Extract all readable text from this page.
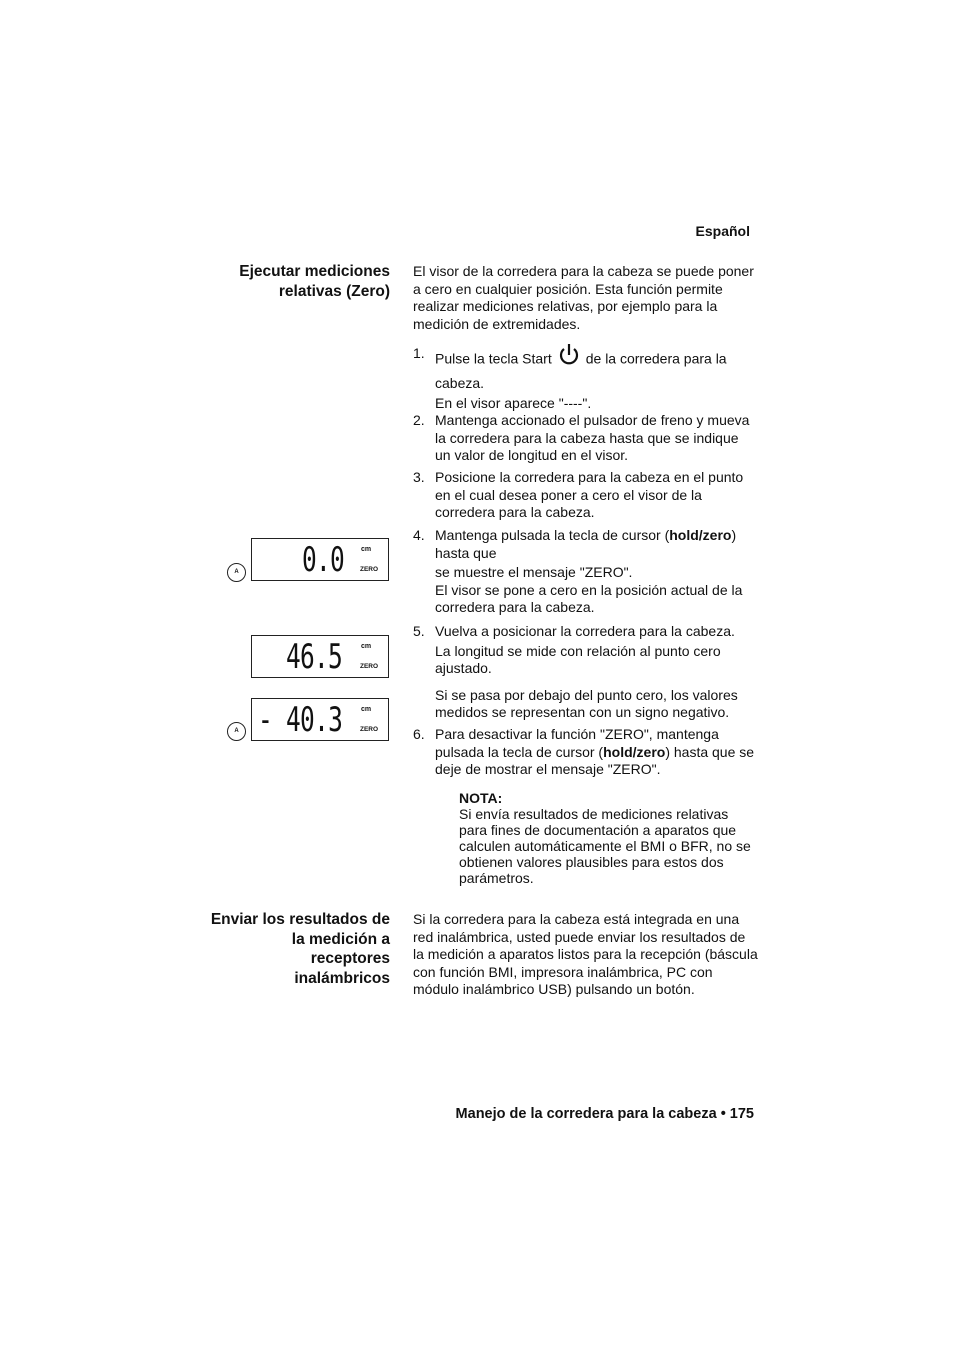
Español
Ejecutar mediciones
relativas (Zero)
El visor de la corredera para la cabeza se puede poner a cero en cualquier posición. Esta función permite realizar mediciones relativas, por ejemplo para la medición de extremidades.
1. Pulse la tecla Start de la corredera para la
cabeza.
En el visor aparece "----".
2. Mantenga accionado el pulsador de freno y mueva la corredera para la cabeza hasta que se indique un valor de longitud en el visor.
3. Posicione la corredera para la cabeza en el punto en el cual desea poner a cero el visor de la corredera para la cabeza.
4. Mantenga pulsada la tecla de cursor (hold/zero)
hasta que
se muestre el mensaje "ZERO".
El visor se pone a cero en la posición actual de la corredera para la cabeza.
5. Vuelva a posicionar la corredera para la cabeza.
La longitud se mide con relación al punto cero ajustado.
Si se pasa por debajo del punto cero, los valores medidos se representan con un signo negativo.
6. Para desactivar la función "ZERO", mantenga pulsada la tecla de cursor (hold/zero) hasta que se deje de mostrar el mensaje "ZERO".
NOTA:
Si envía resultados de mediciones relativas para fines de documentación a aparatos que calculen automáticamente el BMI o BFR, no se obtienen valores plausibles para estos dos parámetros.
A 0.0 cm
ZERO
46.5	cm
ZERO
A - 40.3	cm
ZERO
Enviar los resultados de
la medición a
receptores
inalámbricos
Si la corredera para la cabeza está integrada en una red inalámbrica, usted puede enviar los resultados de la medición a aparatos listos para la recepción (báscula con función BMI, impresora inalámbrica, PC con módulo inalámbrico USB) pulsando un botón.
Manejo de la corredera para la cabeza • 175
